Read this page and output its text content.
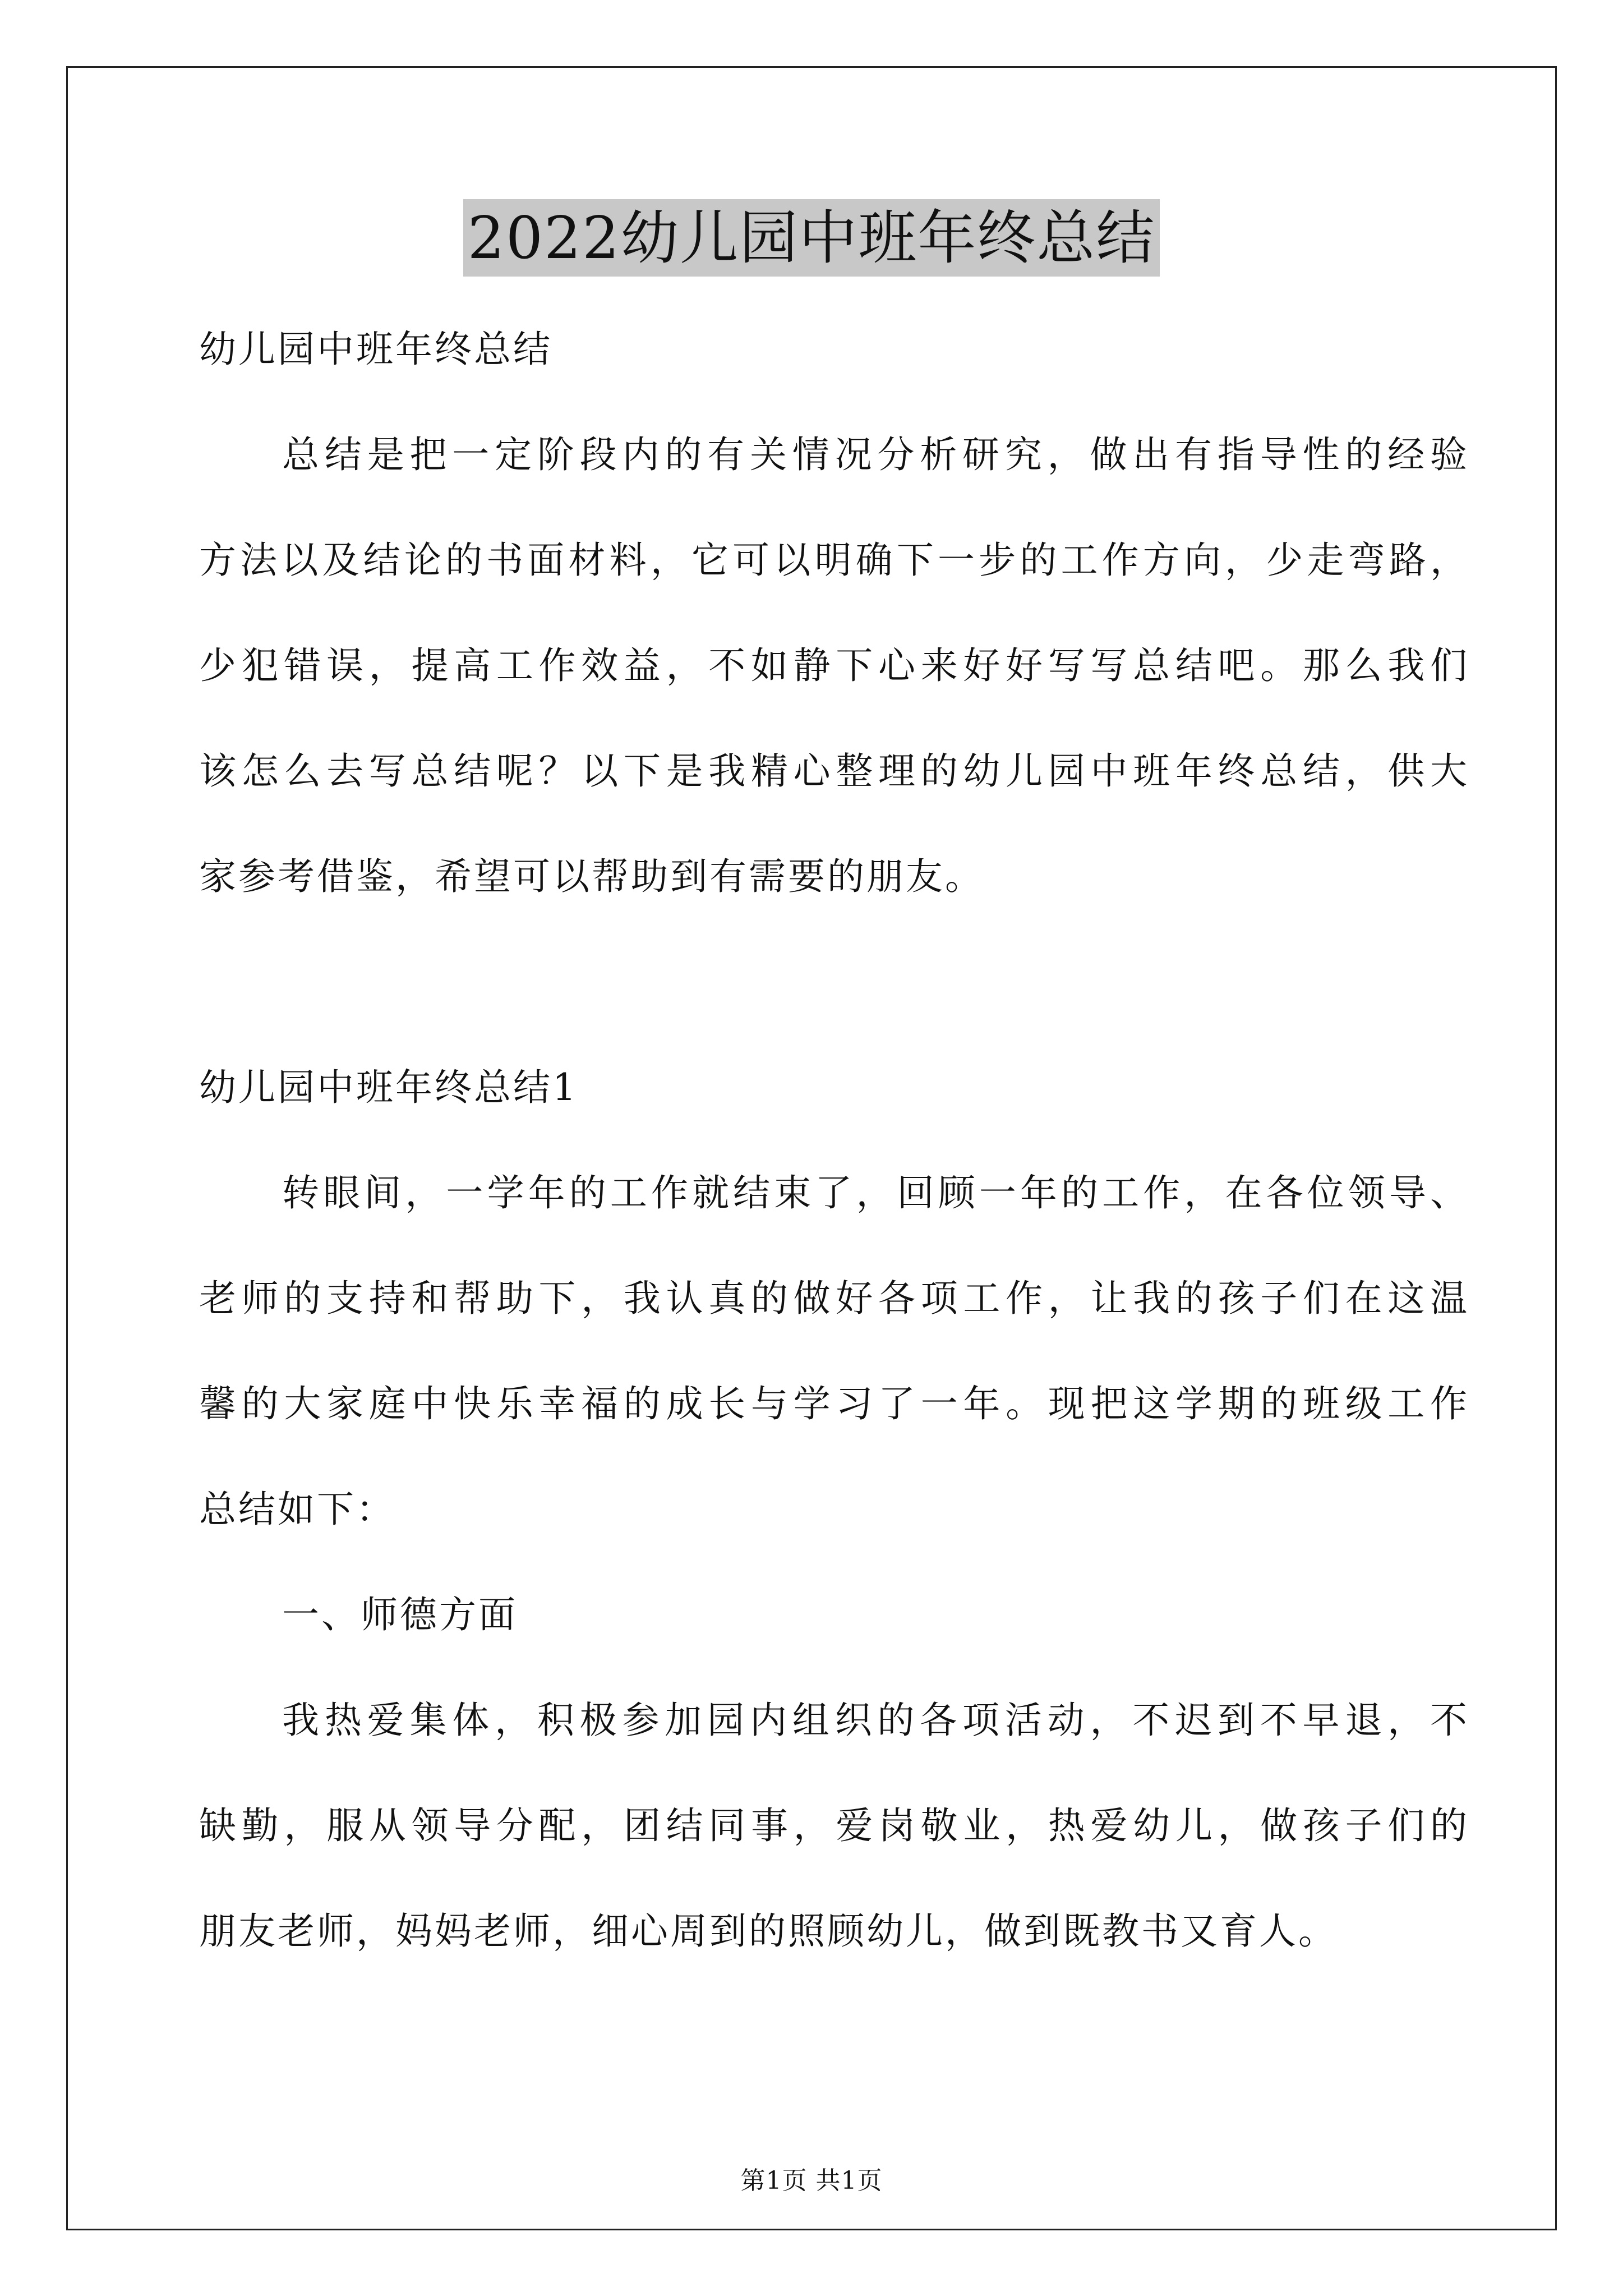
2022幼儿园中班年终总结
幼儿园中班年终总结
总结是把一定阶段内的有关情况分析研究，做出有指导性的经验
方法以及结论的书面材料，它可以明确下一步的工作方向，少走弯路，
少犯错误，提高工作效益，不如静下心来好好写写总结吧。那么我们
该怎么去写总结呢？以下是我精心整理的幼儿园中班年终总结，供大
家参考借鉴，希望可以帮助到有需要的朋友。
幼儿园中班年终总结1
转眼间，一学年的工作就结束了，回顾一年的工作，在各位领导、
老师的支持和帮助下，我认真的做好各项工作，让我的孩子们在这温
馨的大家庭中快乐幸福的成长与学习了一年。现把这学期的班级工作
总结如下：
一、师德方面
我热爱集体，积极参加园内组织的各项活动，不迟到不早退，不
缺勤，服从领导分配，团结同事，爱岗敬业，热爱幼儿，做孩子们的
朋友老师，妈妈老师，细心周到的照顾幼儿，做到既教书又育人。
第1页 共1页
